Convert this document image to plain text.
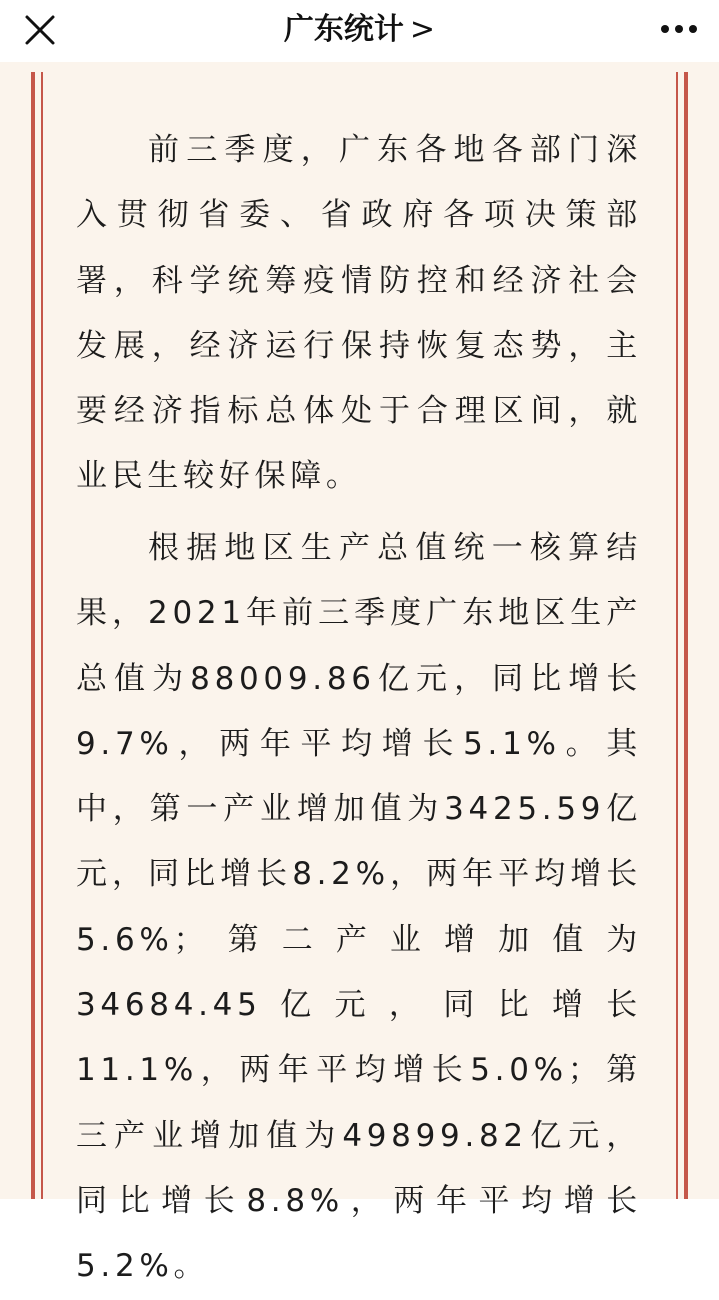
广东统计 >

前三季度，广东各地各部门深入贯彻省委、省政府各项决策部署，科学统筹疫情防控和经济社会发展，经济运行保持恢复态势，主要经济指标总体处于合理区间，就业民生较好保障。

根据地区生产总值统一核算结果，2021年前三季度广东地区生产总值为88009.86亿元，同比增长9.7%，两年平均增长5.1%。其中，第一产业增加值为3425.59亿元，同比增长8.2%，两年平均增长5.6%；第二产业增加值为34684.45亿元，同比增长11.1%，两年平均增长5.0%；第三产业增加值为49899.82亿元，同比增长8.8%，两年平均增长5.2%。
